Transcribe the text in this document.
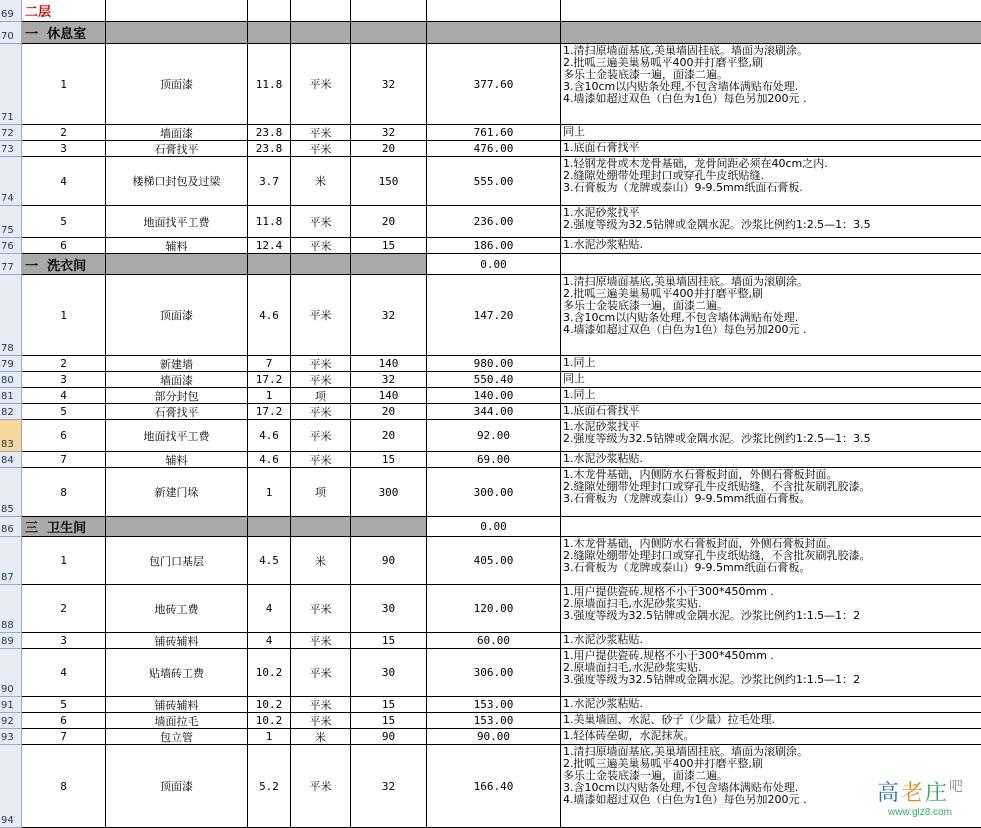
69 二层
70 一
休息室
71
1	顶面漆	11.8	平米	32	377.60
1.清扫原墙面基底,美巢墙固挂底。墙面为滚刷涂。
2.批呱三遍美巢易呱平400并打磨平整,刷
多乐士金装底漆一遍，面漆二遍。
3.含10cm以内贴条处理,不包含墙体满贴布处理.
4.墙漆如超过双色（白色为1色）每色另加200元 .
72	2	墙面漆	23.8	平米	32	761.60	同上
73	3	石膏找平	23.8	平米	20	476.00	1.底面石膏找平
74
4	楼梯口封包及过梁	3.7	米	150	555.00
1.轻钢龙骨或木龙骨基础，龙骨间距必须在40cm之内.
2.缝隙处绷带处理封口或穿孔牛皮纸贴缝.
3.石膏板为（龙牌或泰山）9-9.5mm纸面石膏板.
75
5	地面找平工费	11.8	平米	20	236.00
1.水泥砂浆找平
2.强度等级为32.5钻牌或金隅水泥。沙浆比例约1:2.5—1：3.5
76	6	辅料	12.4	平米	15	186.00	1.水泥沙浆粘贴.
77 一
洗衣间	0.00
78
1	顶面漆	4.6	平米	32	147.20
1.清扫原墙面基底,美巢墙固挂底。墙面为滚刷涂。
2.批呱三遍美巢易呱平400并打磨平整,刷
多乐士金装底漆一遍，面漆二遍。
3.含10cm以内贴条处理,不包含墙体满贴布处理.
4.墙漆如超过双色（白色为1色）每色另加200元 .
79	2	新建墙	7	平米	140	980.00	1.同上
80	3	墙面漆	17.2	平米	32	550.40	同上
81	4	部分封包	1	项	140	140.00	1.同上
82	5	石膏找平	17.2	平米	20	344.00	1.底面石膏找平
83
6	地面找平工费	4.6	平米	20	92.00
1.水泥砂浆找平
2.强度等级为32.5钻牌或金隅水泥。沙浆比例约1:2.5—1：3.5
84	7	辅料	4.6	平米	15	69.00	1.水泥沙浆粘贴.
85
8	新建门垛	1	项	300	300.00
1.木龙骨基础，内侧防水石膏板封面，外侧石膏板封面。
2.缝隙处绷带处理封口或穿孔牛皮纸贴缝，不含批灰刷乳胶漆。
3.石膏板为（龙牌或泰山）9-9.5mm纸面石膏板。
86 三
卫生间	0.00
87
1	包门口基层	4.5	米	90	405.00
1.木龙骨基础，内侧防水石膏板封面，外侧石膏板封面。
2.缝隙处绷带处理封口或穿孔牛皮纸贴缝，不含批灰刷乳胶漆。
3.石膏板为（龙牌或泰山）9-9.5mm纸面石膏板。
88
2	地砖工费	4	平米	30	120.00
1.用户提供瓷砖.规格不小于300*450mm .
2.原墙面扫毛,水泥砂浆实贴.
3.强度等级为32.5钻牌或金隅水泥。沙浆比例约1:1.5—1：2
89	3	铺砖辅料	4	平米	15	60.00	1.水泥沙浆粘贴.
90
4	贴墙砖工费	10.2	平米	30	306.00
1.用户提供瓷砖.规格不小于300*450mm .
2.原墙面扫毛,水泥砂浆实贴.
3.强度等级为32.5钻牌或金隅水泥。沙浆比例约1:1.5—1：2
91	5	铺砖辅料	10.2	平米	15	153.00	1.水泥沙浆粘贴.
92	6	墙面拉毛	10.2	平米	15	153.00	1.美巢墙固、水泥、砂子（少量）拉毛处理.
93	7	包立管	1	米	90	90.00	1.轻体砖垒砌，水泥抹灰。
94
8	顶面漆	5.2	平米	32	166.40
1.清扫原墙面基底,美巢墙固挂底。墙面为滚刷涂。
2.批呱三遍美巢易呱平400并打磨平整,刷
多乐士金装底漆一遍，面漆二遍。
3.含10cm以内贴条处理,不包含墙体满贴布处理.
4.墙漆如超过双色（白色为1色）每色另加200元 .	高 老 庄 吧
www.glz8.com
